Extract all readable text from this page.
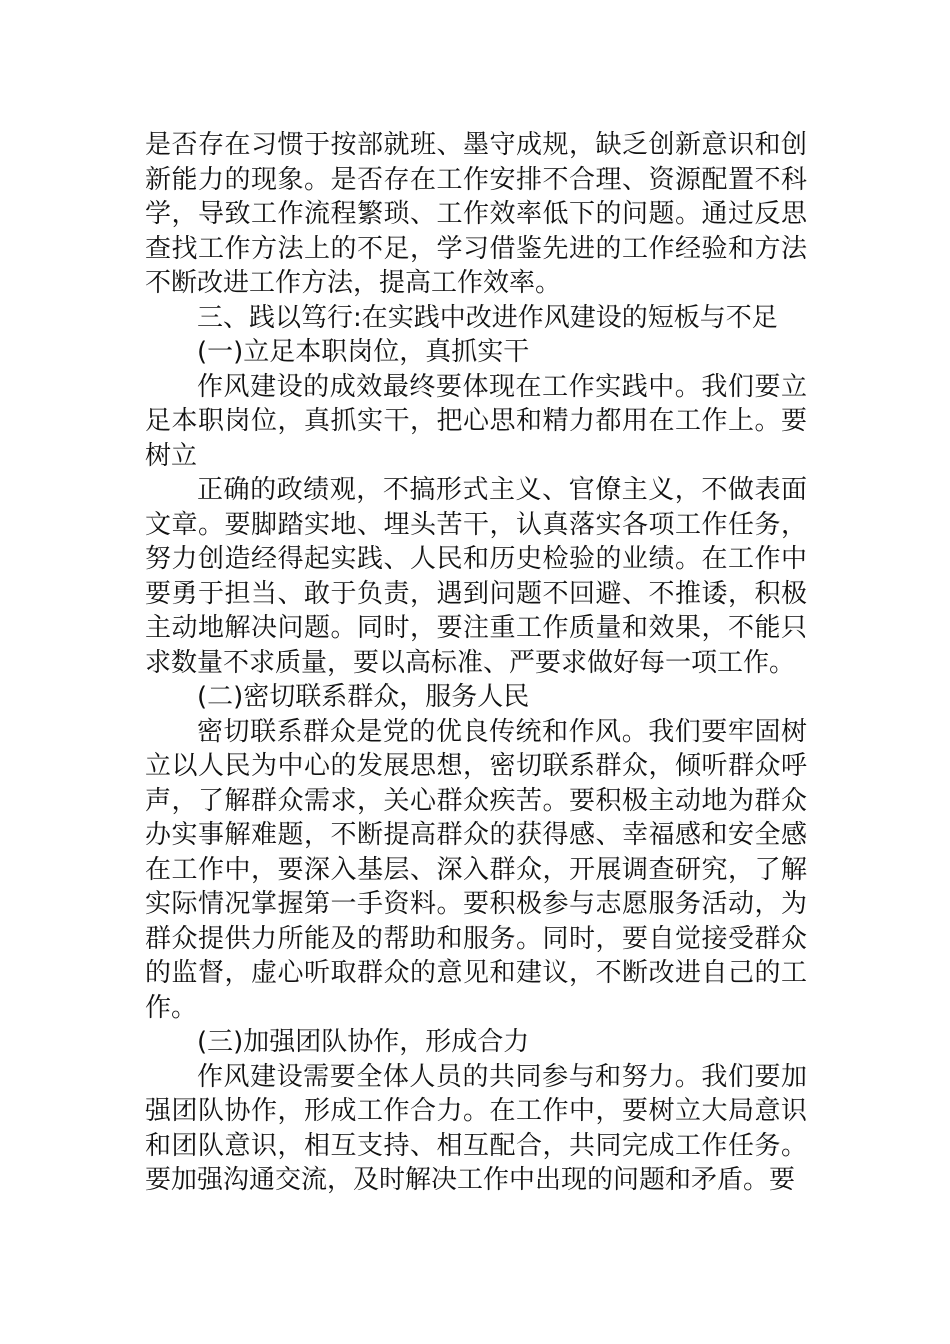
是否存在习惯于按部就班、墨守成规，缺乏创新意识和创新能力的现象。是否存在工作安排不合理、资源配置不科学，导致工作流程繁琐、工作效率低下的问题。通过反思查找工作方法上的不足，学习借鉴先进的工作经验和方法不断改进工作方法，提高工作效率。

三、践以笃行:在实践中改进作风建设的短板与不足

(一)立足本职岗位，真抓实干

作风建设的成效最终要体现在工作实践中。我们要立足本职岗位，真抓实干，把心思和精力都用在工作上。要树立

正确的政绩观，不搞形式主义、官僚主义，不做表面文章。要脚踏实地、埋头苦干，认真落实各项工作任务，努力创造经得起实践、人民和历史检验的业绩。在工作中要勇于担当、敢于负责，遇到问题不回避、不推诿，积极主动地解决问题。同时，要注重工作质量和效果，不能只求数量不求质量，要以高标准、严要求做好每一项工作。

(二)密切联系群众，服务人民

密切联系群众是党的优良传统和作风。我们要牢固树立以人民为中心的发展思想，密切联系群众，倾听群众呼声，了解群众需求，关心群众疾苦。要积极主动地为群众办实事解难题，不断提高群众的获得感、幸福感和安全感在工作中，要深入基层、深入群众，开展调查研究，了解实际情况掌握第一手资料。要积极参与志愿服务活动，为群众提供力所能及的帮助和服务。同时，要自觉接受群众的监督，虚心听取群众的意见和建议，不断改进自己的工作。

(三)加强团队协作，形成合力

作风建设需要全体人员的共同参与和努力。我们要加强团队协作，形成工作合力。在工作中，要树立大局意识和团队意识，相互支持、相互配合，共同完成工作任务。要加强沟通交流，及时解决工作中出现的问题和矛盾。要
